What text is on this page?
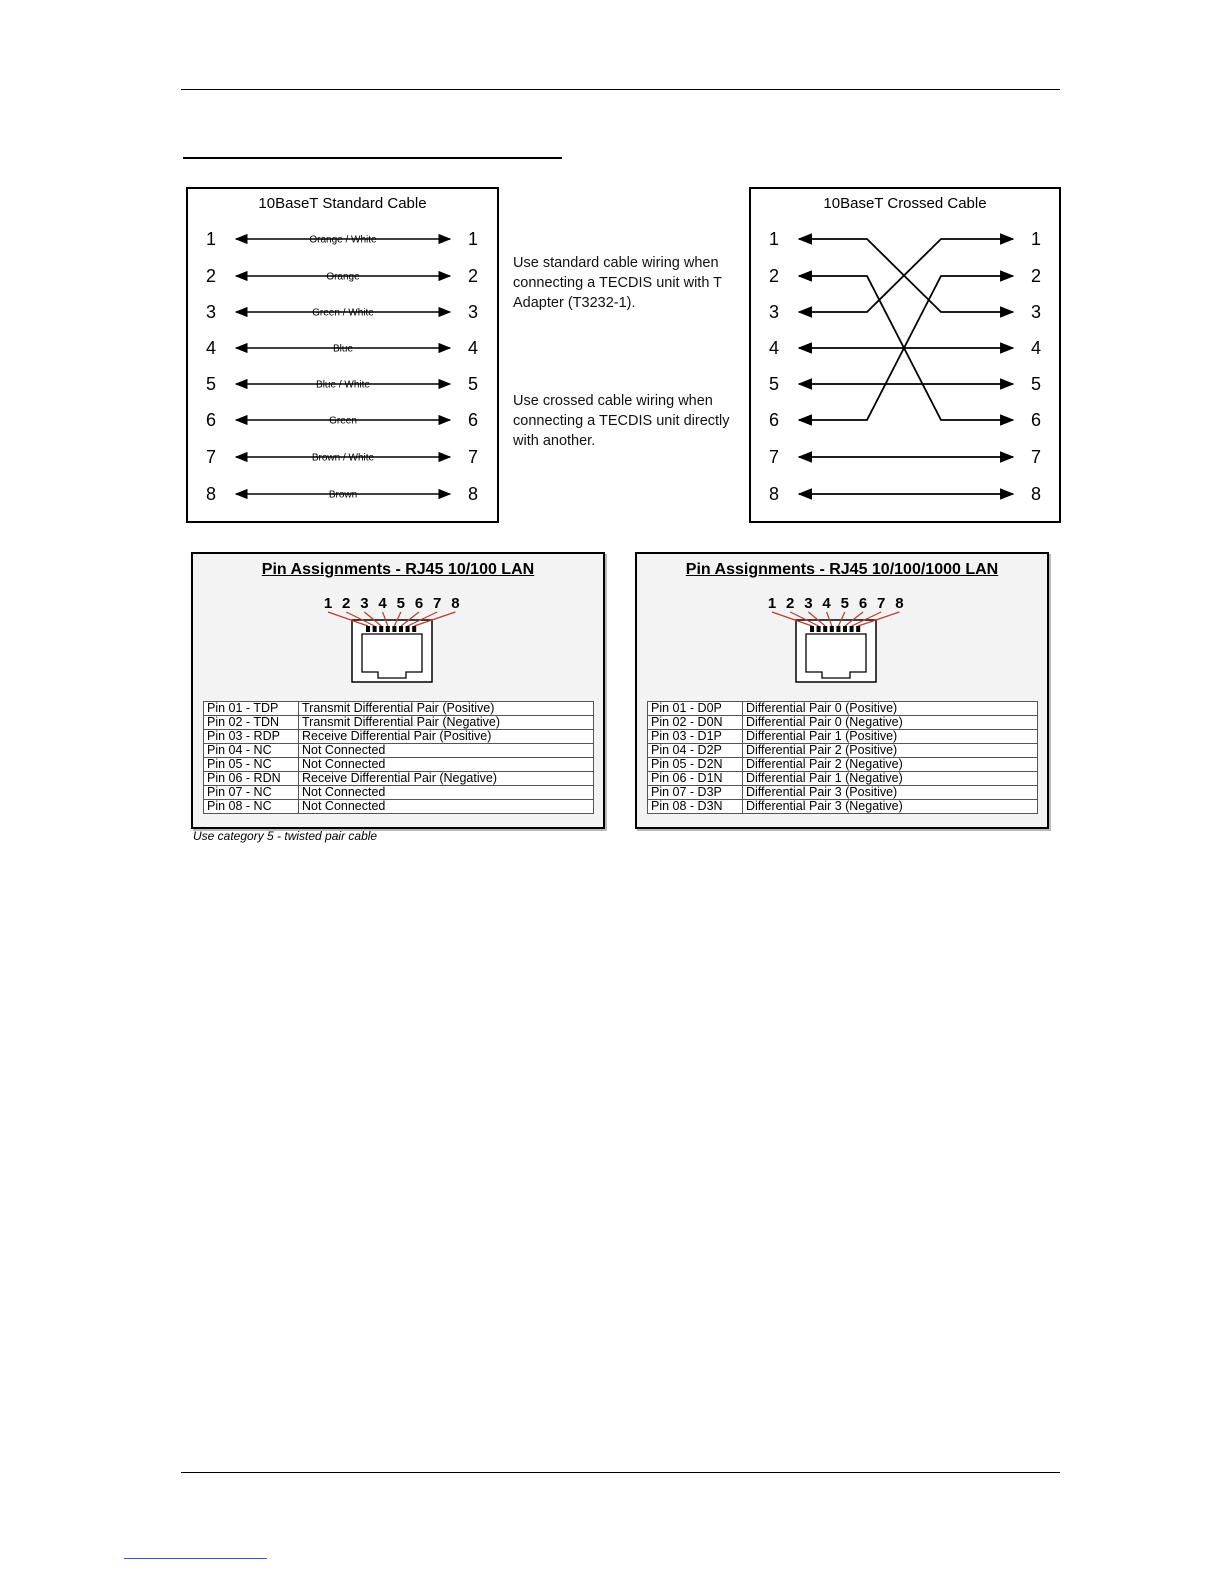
10BaseT Standard Cable
1	1
Orange / White
2	2
Orange
3	3
Green / White
4	4
Blue
5	5
Blue / White
6	6
Green
7	7
Brown / White
8	8
Brown
Use standard cable wiring when connecting a TECDIS unit with T Adapter (T3232-1).
Use crossed cable wiring when connecting a TECDIS unit directly with another.
10BaseT Crossed Cable
1	1
2	2
3	3
4	4
5	5
6	6
7	7
8	8
Pin Assignments - RJ45 10/100 LAN
1 2 3 4 5 6 7 8
Pin 01 - TDP	Transmit Differential Pair (Positive)
Pin 02 - TDN	Transmit Differential Pair (Negative)
Pin 03 - RDP	Receive Differential Pair (Positive)
Pin 04 - NC	Not Connected
Pin 05 - NC	Not Connected
Pin 06 - RDN	Receive Differential Pair (Negative)
Pin 07 - NC	Not Connected
Pin 08 - NC	Not Connected
Pin Assignments - RJ45 10/100/1000 LAN
1 2 3 4 5 6 7 8
Pin 01 - D0P	Differential Pair 0 (Positive)
Pin 02 - D0N	Differential Pair 0 (Negative)
Pin 03 - D1P	Differential Pair 1 (Positive)
Pin 04 - D2P	Differential Pair 2 (Positive)
Pin 05 - D2N	Differential Pair 2 (Negative)
Pin 06 - D1N	Differential Pair 1 (Negative)
Pin 07 - D3P	Differential Pair 3 (Positive)
Pin 08 - D3N	Differential Pair 3 (Negative)
Use category 5 - twisted pair cable
